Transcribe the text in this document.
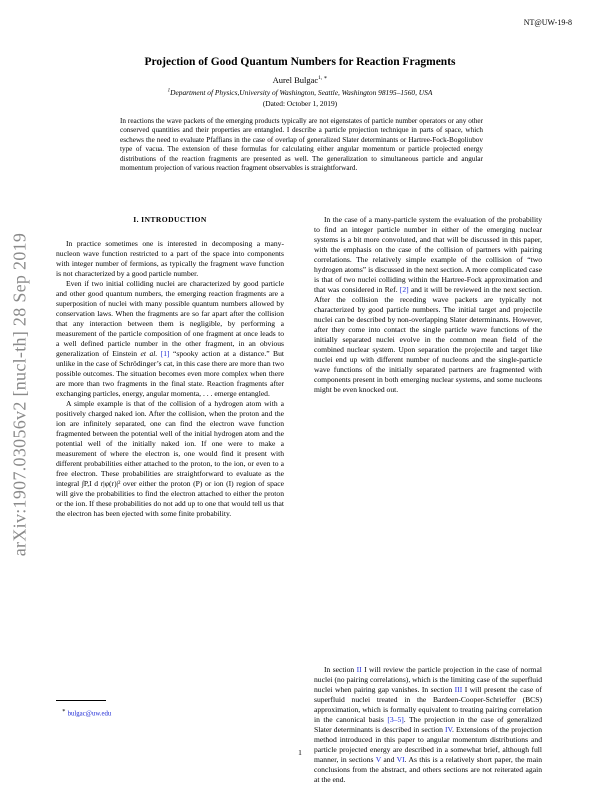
NT@UW-19-8
arXiv:1907.03056v2 [nucl-th] 28 Sep 2019
Projection of Good Quantum Numbers for Reaction Fragments
Aurel Bulgac$^{1, ∗}$
$^1$Department of Physics,University of Washington, Seattle, Washington 98195–1560, USA
(Dated: October 1, 2019)
In reactions the wave packets of the emerging products typically are not eigenstates of particle number operators or any other conserved quantities and their properties are entangled. I describe a particle projection technique in parts of space, which eschews the need to evaluate Pfaffians in the case of overlap of generalized Slater determinants or Hartree-Fock-Bogoliubov type of vacua. The extension of these formulas for calculating either angular momentum or particle projected energy distributions of the reaction fragments are presented as well. The generalization to simultaneous particle and angular momentum projection of various reaction fragment observables is straightforward.
I. INTRODUCTION

In practice sometimes one is interested in decomposing a many-nucleon wave function restricted to a part of the space into components with integer number of fermions, as typically the fragment wave function is not characterized by a good particle number.

Even if two initial colliding nuclei are characterized by good particle and other good quantum numbers, the emerging reaction fragments are a superposition of nuclei with many possible quantum numbers allowed by conservation laws. When the fragments are so far apart after the collision that any interaction between them is negligible, by performing a measurement of the particle composition of one fragment at once leads to a well defined particle number in the other fragment, in an obvious generalization of Einstein et al. [1] “spooky action at a distance.” But unlike in the case of Schrödinger’s cat, in this case there are more than two possible outcomes. The situation becomes even more complex when there are more than two fragments in the final state. Reaction fragments after exchanging particles, energy, angular momenta, . . . emerge entangled.

A simple example is that of the collision of a hydrogen atom with a positively charged naked ion. After the collision, when the proton and the ion are infinitely separated, one can find the electron wave function fragmented between the potential well of the initial hydrogen atom and the potential well of the initially naked ion. If one were to make a measurement of where the electron is, one would find it present with different probabilities either attached to the proton, to the ion, or even to a free electron. These probabilities are straightforward to evaluate as the integral ∫P,I d r|φ(r)|² over either the proton (P) or ion (I) region of space will give the probabilities to find the electron attached to either the proton or the ion. If these probabilities do not add up to one that would tell us that the electron has been ejected with some finite probability.

In the case of a many-particle system the evaluation of the probability to find an integer particle number in either of the emerging nuclear systems is a bit more convoluted, and that will be discussed in this paper, with the emphasis on the case of the collision of partners with pairing correlations. The relatively simple example of the collision of “two hydrogen atoms” is discussed in the next section. A more complicated case is that of two nuclei colliding within the Hartree-Fock approximation and that was considered in Ref. [2] and it will be reviewed in the next section. After the collision the receding wave packets are typically not characterized by good particle numbers. The initial target and projectile nuclei can be described by non-overlapping Slater determinants. However, after they come into contact the single particle wave functions of the initially separated nuclei evolve in the common mean field of the combined nuclear system. Upon separation the projectile and target like nuclei end up with different number of nucleons and the single-particle wave functions of the initially separated partners are fragmented with components present in both emerging nuclear systems, and some nucleons might be even knocked out.

In section II I will review the particle projection in the case of normal nuclei (no pairing correlations), which is the limiting case of the superfluid nuclei when pairing gap vanishes. In section III I will present the case of superfluid nuclei treated in the Bardeen-Cooper-Schrieffer (BCS) approximation, which is formally equivalent to treating pairing correlation in the canonical basis [3–5]. The projection in the case of generalized Slater determinants is described in section IV. Extensions of the projection method introduced in this paper to angular momentum distributions and particle projected energy are described in a somewhat brief, although full manner, in sections V and VI. As this is a relatively short paper, the main conclusions from the abstract, and others sections are not reiterated again at the end.

∗ bulgac@uw.edu
1
